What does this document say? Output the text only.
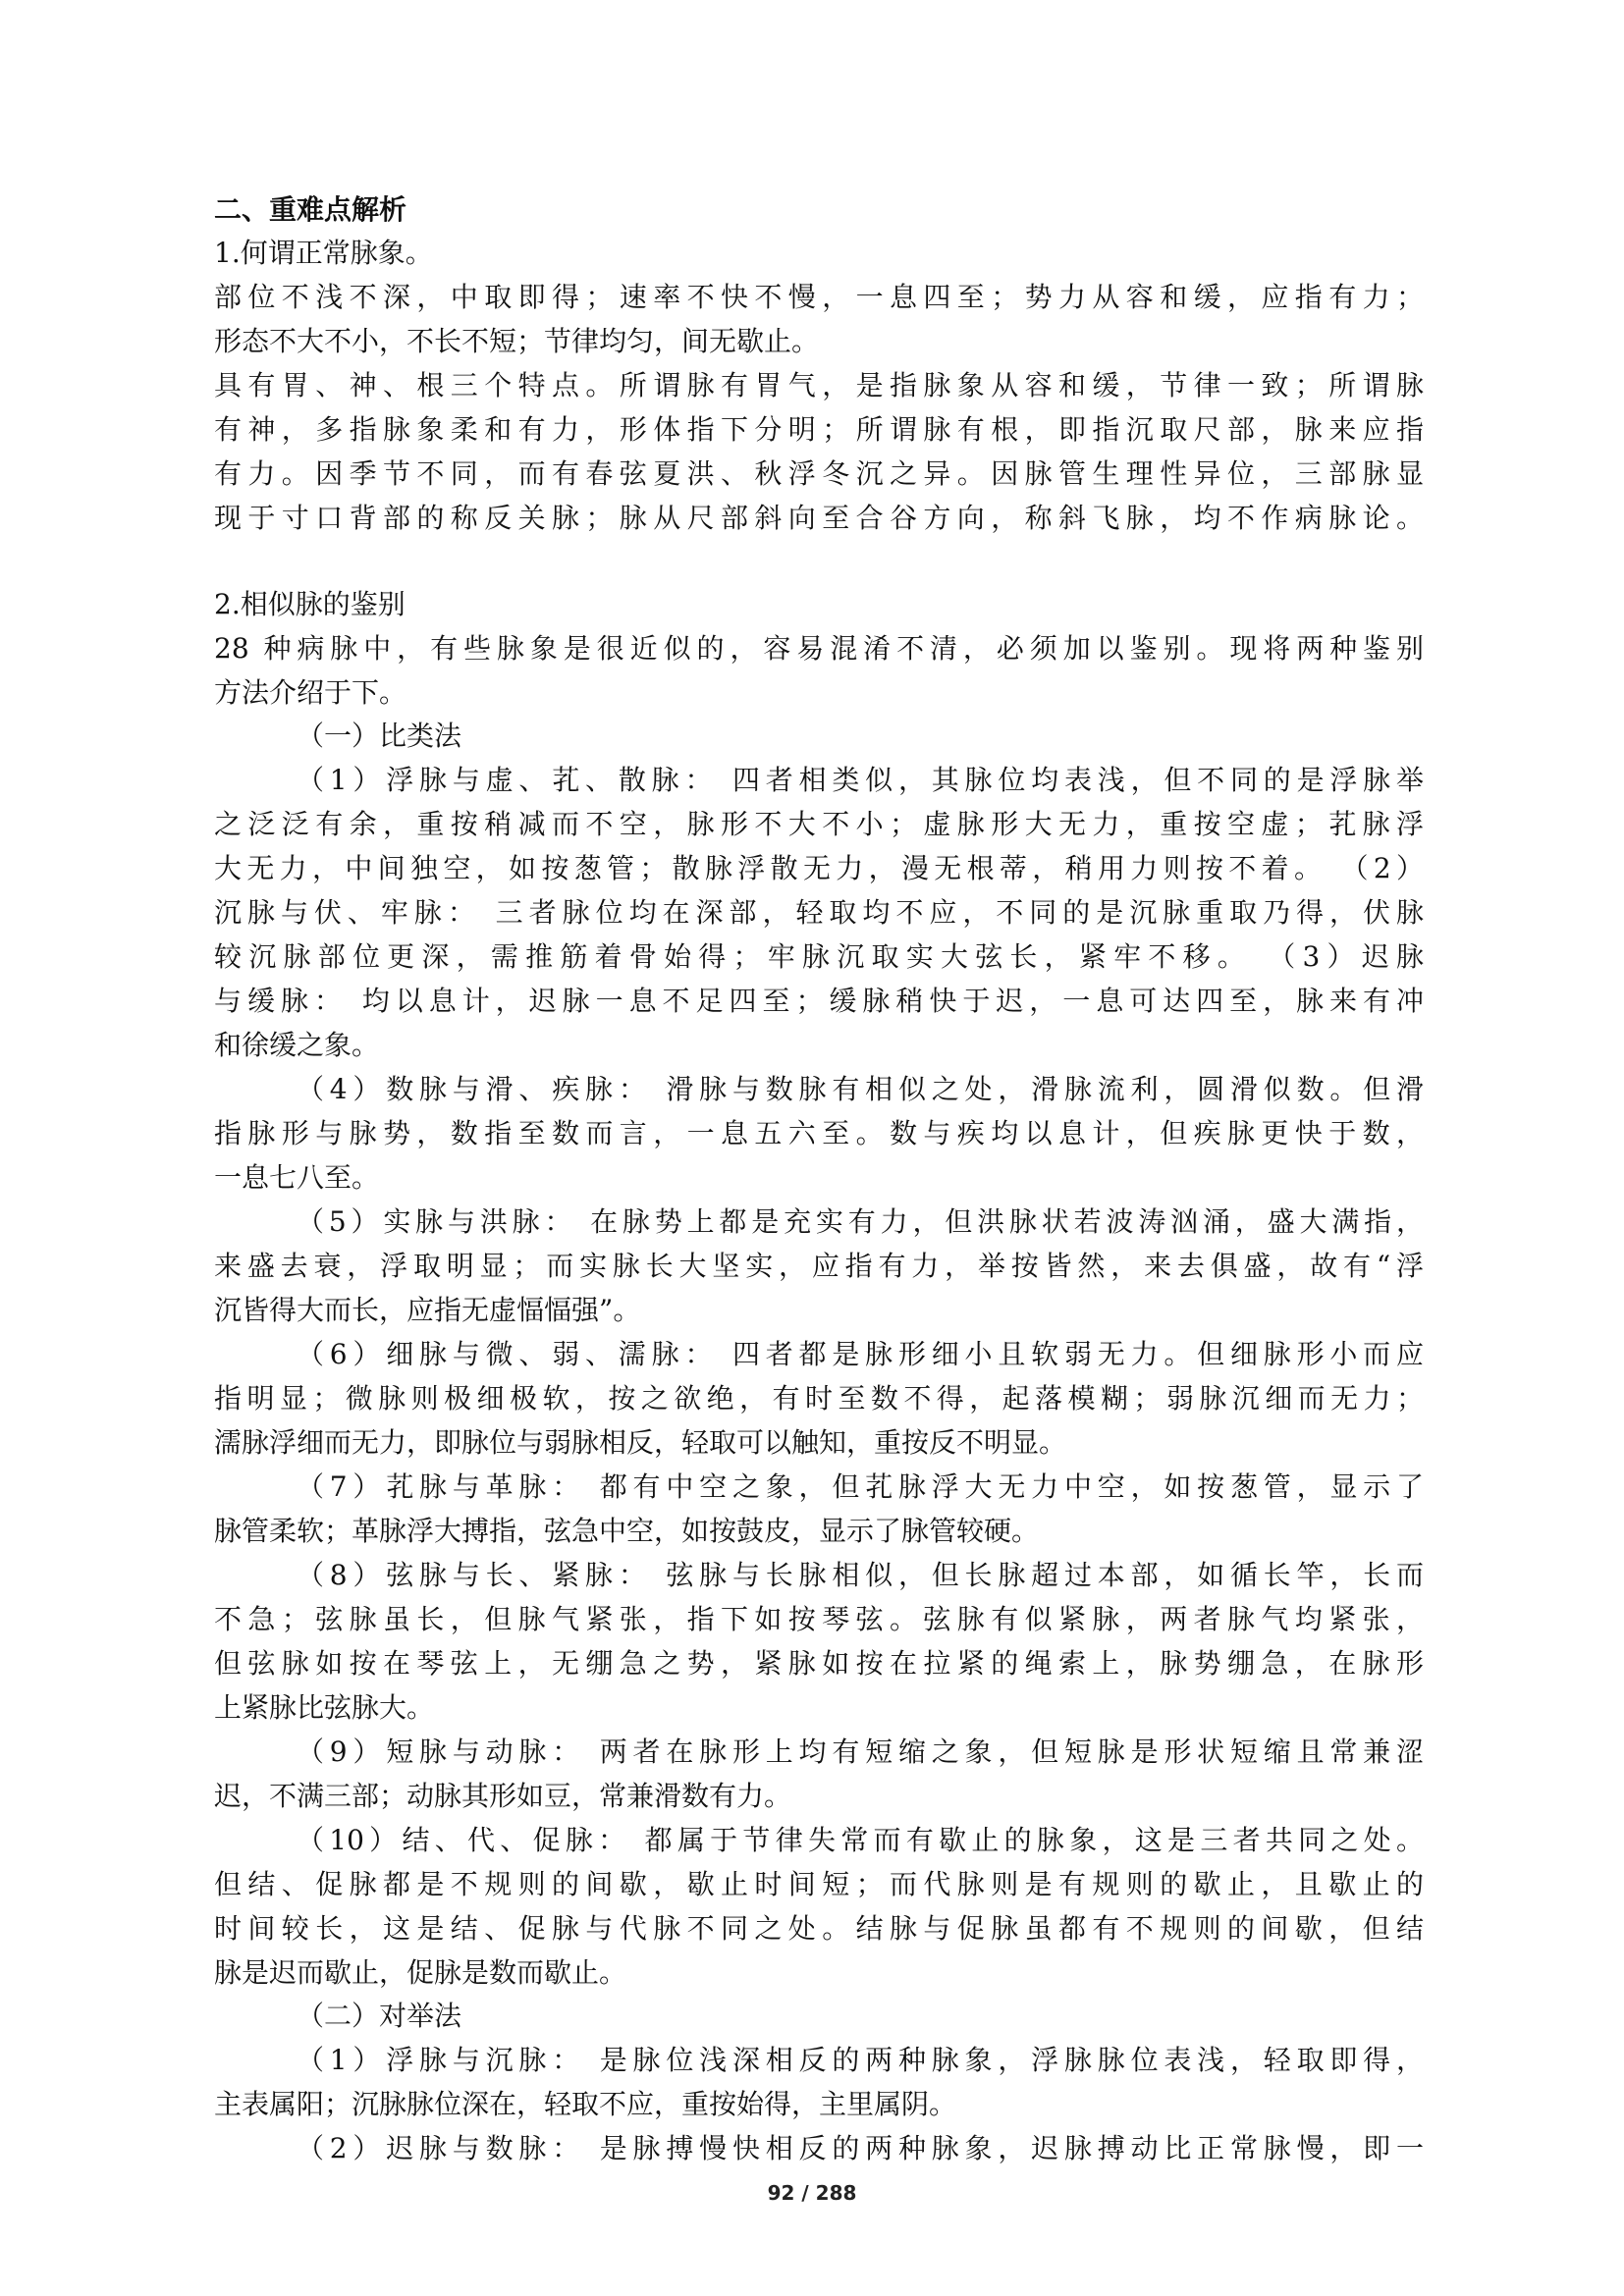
二、重难点解析

1.何谓正常脉象。

部位不浅不深，中取即得；速率不快不慢，一息四至；势力从容和缓，应指有力；

形态不大不小，不长不短；节律均匀，间无歇止。

具有胃、神、根三个特点。所谓脉有胃气，是指脉象从容和缓，节律一致；所谓脉

有神，多指脉象柔和有力，形体指下分明；所谓脉有根，即指沉取尺部，脉来应指

有力。因季节不同，而有春弦夏洪、秋浮冬沉之异。因脉管生理性异位，三部脉显

现于寸口背部的称反关脉；脉从尺部斜向至合谷方向，称斜飞脉，均不作病脉论。

2.相似脉的鉴别

28 种病脉中，有些脉象是很近似的，容易混淆不清，必须加以鉴别。现将两种鉴别

方法介绍于下。

（一）比类法

（1）浮脉与虚、芤、散脉： 四者相类似，其脉位均表浅，但不同的是浮脉举

之泛泛有余，重按稍减而不空，脉形不大不小；虚脉形大无力，重按空虚；芤脉浮

大无力，中间独空，如按葱管；散脉浮散无力，漫无根蒂，稍用力则按不着。 （2）

沉脉与伏、牢脉： 三者脉位均在深部，轻取均不应，不同的是沉脉重取乃得，伏脉

较沉脉部位更深，需推筋着骨始得；牢脉沉取实大弦长，紧牢不移。 （3）迟脉

与缓脉： 均以息计，迟脉一息不足四至；缓脉稍快于迟，一息可达四至，脉来有冲

和徐缓之象。

（4）数脉与滑、疾脉： 滑脉与数脉有相似之处，滑脉流利，圆滑似数。但滑

指脉形与脉势，数指至数而言，一息五六至。数与疾均以息计，但疾脉更快于数，

一息七八至。

（5）实脉与洪脉： 在脉势上都是充实有力，但洪脉状若波涛汹涌，盛大满指，

来盛去衰，浮取明显；而实脉长大坚实，应指有力，举按皆然，来去俱盛，故有“浮

沉皆得大而长，应指无虚愊愊强”。

（6）细脉与微、弱、濡脉： 四者都是脉形细小且软弱无力。但细脉形小而应

指明显；微脉则极细极软，按之欲绝，有时至数不得，起落模糊；弱脉沉细而无力；

濡脉浮细而无力，即脉位与弱脉相反，轻取可以触知，重按反不明显。

（7）芤脉与革脉： 都有中空之象，但芤脉浮大无力中空，如按葱管，显示了

脉管柔软；革脉浮大搏指，弦急中空，如按鼓皮，显示了脉管较硬。

（8）弦脉与长、紧脉： 弦脉与长脉相似，但长脉超过本部，如循长竿，长而

不急；弦脉虽长，但脉气紧张，指下如按琴弦。弦脉有似紧脉，两者脉气均紧张，

但弦脉如按在琴弦上，无绷急之势，紧脉如按在拉紧的绳索上，脉势绷急，在脉形

上紧脉比弦脉大。

（9）短脉与动脉： 两者在脉形上均有短缩之象，但短脉是形状短缩且常兼涩

迟，不满三部；动脉其形如豆，常兼滑数有力。

（10）结、代、促脉： 都属于节律失常而有歇止的脉象，这是三者共同之处。

但结、促脉都是不规则的间歇，歇止时间短；而代脉则是有规则的歇止，且歇止的

时间较长，这是结、促脉与代脉不同之处。结脉与促脉虽都有不规则的间歇，但结

脉是迟而歇止，促脉是数而歇止。

（二）对举法

（1）浮脉与沉脉： 是脉位浅深相反的两种脉象，浮脉脉位表浅，轻取即得，

主表属阳；沉脉脉位深在，轻取不应，重按始得，主里属阴。

（2）迟脉与数脉： 是脉搏慢快相反的两种脉象，迟脉搏动比正常脉慢，即一

92 / 288
